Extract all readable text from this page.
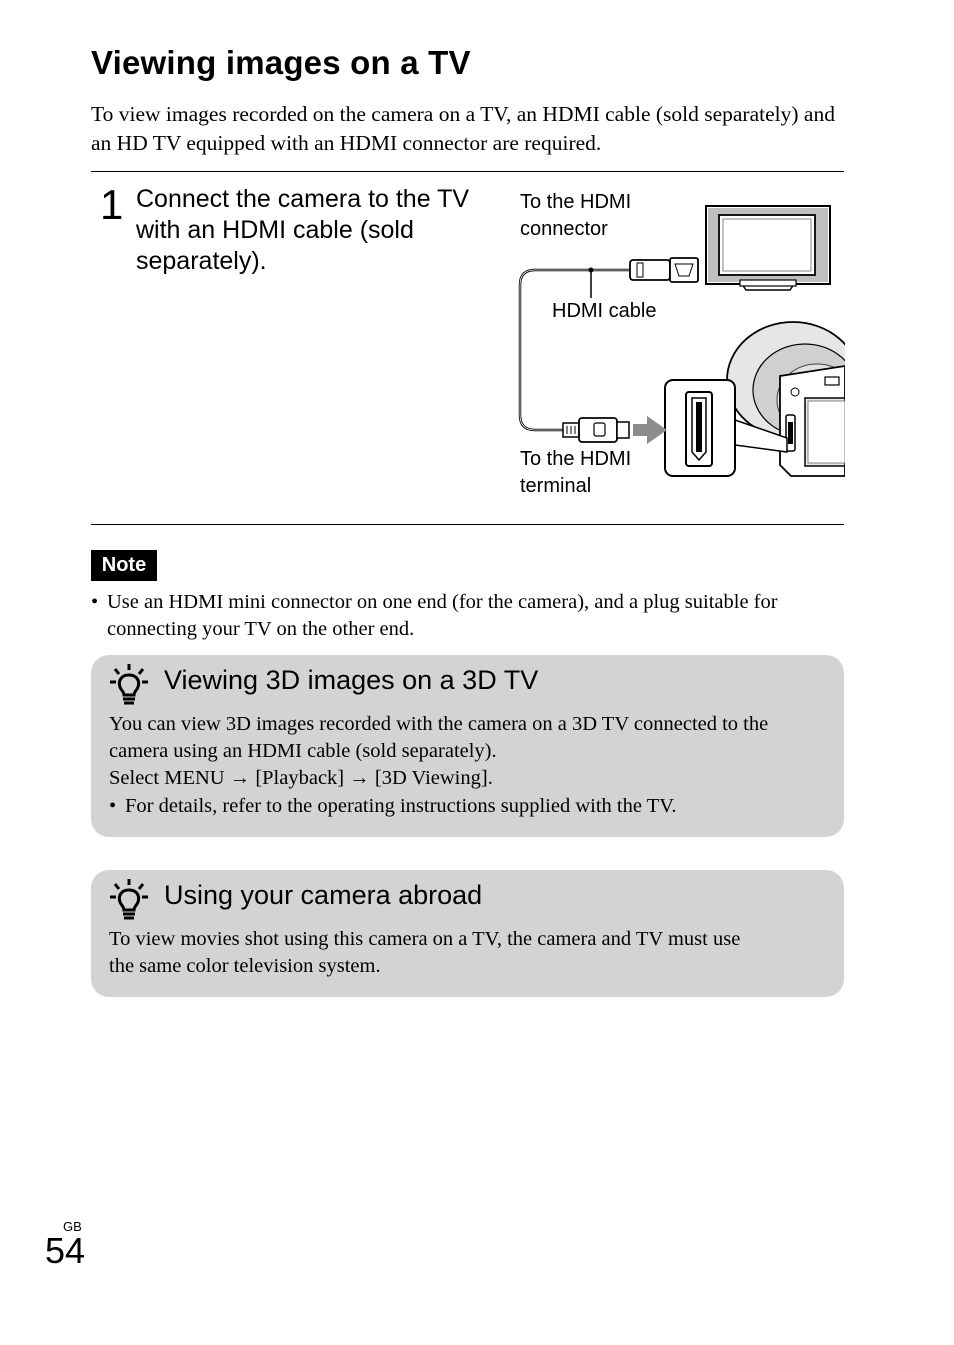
Viewing images on a TV

To view images recorded on the camera on a TV, an HDMI cable (sold separately) and an HD TV equipped with an HDMI connector are required.

1 Connect the camera to the TV with an HDMI cable (sold separately).

To the HDMI
connector
HDMI cable
To the HDMI
terminal
Note
• Use an HDMI mini connector on one end (for the camera), and a plug suitable for
connecting your TV on the other end.
Viewing 3D images on a 3D TV
You can view 3D images recorded with the camera on a 3D TV connected to the
camera using an HDMI cable (sold separately).
Select MENU → [Playback] → [3D Viewing].
• For details, refer to the operating instructions supplied with the TV.
Using your camera abroad
To view movies shot using this camera on a TV, the camera and TV must use
the same color television system.
GB
54
